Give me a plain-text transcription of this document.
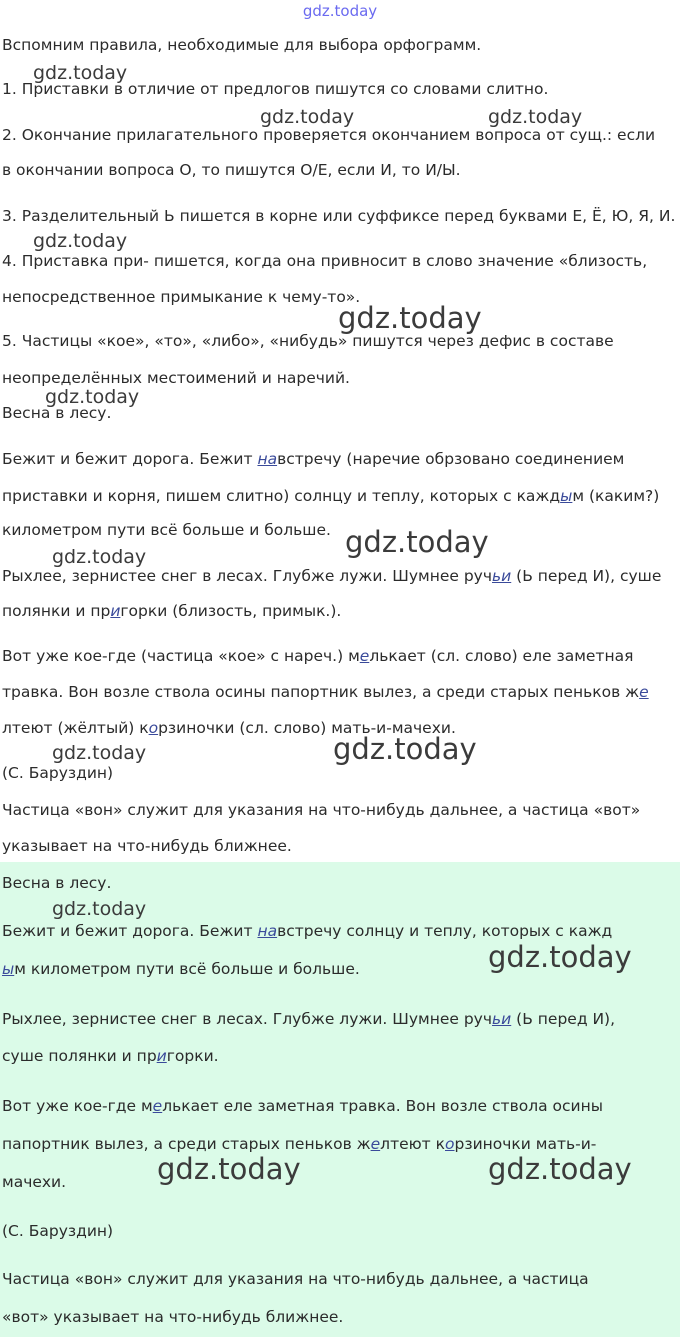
gdz.today
Вспомним правила, необходимые для выбора орфограмм.
1. Приставки в отличие от предлогов пишутся со словами слитно.
2. Окончание прилагательного проверяется окончанием вопроса от сущ.: если
в окончании вопроса О, то пишутся О/Е, если И, то И/Ы.
3. Разделительный Ь пишется в корне или суффиксе перед буквами Е, Ё, Ю, Я, И.
4. Приставка при- пишется, когда она привносит в слово значение «близость,
непосредственное примыкание к чему-то».
5. Частицы «кое», «то», «либо», «нибудь» пишутся через дефис в составе
неопределённых местоимений и наречий.
Весна в лесу.
Бежит и бежит дорога. Бежит навстречу (наречие обрзовано соединением
приставки и корня, пишем слитно) солнцу и теплу, которых с каждым (каким?)
километром пути всё больше и больше.
Рыхлее, зернистее снег в лесах. Глубже лужи. Шумнее ручьи (Ь перед И), суше
полянки и пригорки (близость, примык.).
Вот уже кое-где (частица «кое» с нареч.) мелькает (сл. слово) еле заметная
травка. Вон возле ствола осины папортник вылез, а среди старых пеньков же
лтеют (жёлтый) корзиночки (сл. слово) мать-и-мачехи.
(С. Баруздин)
Частица «вон» служит для указания на что-нибудь дальнее, а частица «вот»
указывает на что-нибудь ближнее.
Весна в лесу.
Бежит и бежит дорога. Бежит навстречу солнцу и теплу, которых с кажд
ым километром пути всё больше и больше.
Рыхлее, зернистее снег в лесах. Глубже лужи. Шумнее ручьи (Ь перед И),
суше полянки и пригорки.
Вот уже кое-где мелькает еле заметная травка. Вон возле ствола осины
папортник вылез, а среди старых пеньков желтеют корзиночки мать-и-
мачехи.
(С. Баруздин)
Частица «вон» служит для указания на что-нибудь дальнее, а частица
«вот» указывает на что-нибудь ближнее.
gdz.today
gdz.today	gdz.today
gdz.today
gdz.today
gdz.today
gdz.today
gdz.today
gdz.today
gdz.today
gdz.today
gdz.today
gdz.today	gdz.today
